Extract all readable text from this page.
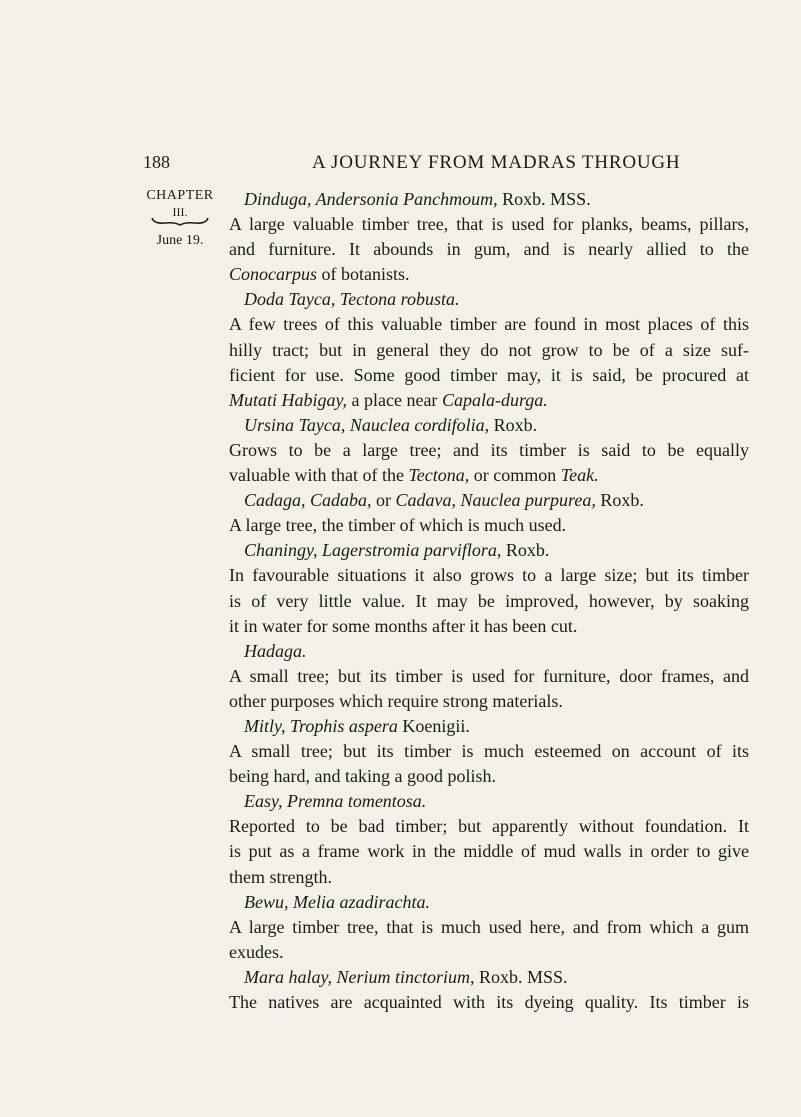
188	A JOURNEY FROM MADRAS THROUGH
CHAPTER
III.
June 19.
Dinduga, Andersonia Panchmoum, Roxb. MSS.
A large valuable timber tree, that is used for planks, beams, pillars,
and furniture. It abounds in gum, and is nearly allied to the
Conocarpus of botanists.
Doda Tayca, Tectona robusta.
A few trees of this valuable timber are found in most places of this
hilly tract; but in general they do not grow to be of a size suf-
ficient for use. Some good timber may, it is said, be procured at
Mutati Habigay, a place near Capala-durga.
Ursina Tayca, Nauclea cordifolia, Roxb.
Grows to be a large tree; and its timber is said to be equally
valuable with that of the Tectona, or common Teak.
Cadaga, Cadaba, or Cadava, Nauclea purpurea, Roxb.
A large tree, the timber of which is much used.
Chaningy, Lagerstromia parviflora, Roxb.
In favourable situations it also grows to a large size; but its timber
is of very little value. It may be improved, however, by soaking
it in water for some months after it has been cut.
Hadaga.
A small tree; but its timber is used for furniture, door frames, and
other purposes which require strong materials.
Mitly, Trophis aspera Koenigii.
A small tree; but its timber is much esteemed on account of its
being hard, and taking a good polish.
Easy, Premna tomentosa.
Reported to be bad timber; but apparently without foundation. It
is put as a frame work in the middle of mud walls in order to give
them strength.
Bewu, Melia azadirachta.
A large timber tree, that is much used here, and from which a gum
exudes.
Mara halay, Nerium tinctorium, Roxb. MSS.
The natives are acquainted with its dyeing quality. Its timber is
